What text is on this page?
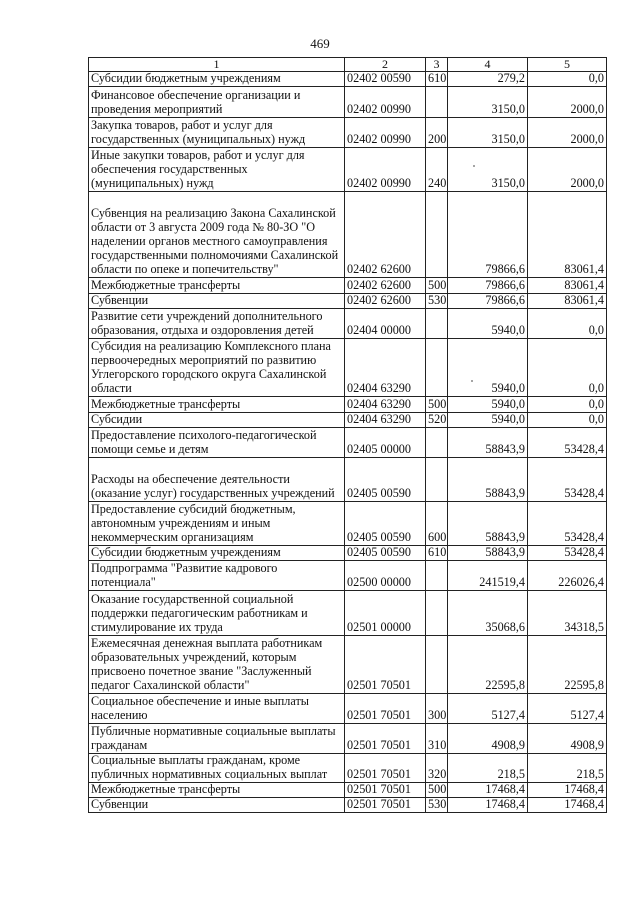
469
1	2	3	4	5
Субсидии бюджетным учреждениям	02402 00590	610	279,2	0,0
Финансовое обеспечение организации и проведения мероприятий	02402 00990		3150,0	2000,0
Закупка товаров, работ и услуг для государственных (муниципальных) нужд	02402 00990	200	3150,0	2000,0
Иные закупки товаров, работ и услуг для обеспечения государственных (муниципальных) нужд	02402 00990	240	3150,0	2000,0
Субвенция на реализацию Закона Сахалинской области от 3 августа 2009 года № 80-ЗО "О наделении органов местного самоуправления государственными полномочиями Сахалинской области по опеке и попечительству"	02402 62600		79866,6	83061,4
Межбюджетные трансферты	02402 62600	500	79866,6	83061,4
Субвенции	02402 62600	530	79866,6	83061,4
Развитие сети учреждений дополнительного образования, отдыха и оздоровления детей	02404 00000		5940,0	0,0
Субсидия на реализацию Комплексного плана первоочередных мероприятий по развитию Углегорского городского округа Сахалинской области	02404 63290		5940,0	0,0
Межбюджетные трансферты	02404 63290	500	5940,0	0,0
Субсидии	02404 63290	520	5940,0	0,0
Предоставление психолого-педагогической помощи семье и детям	02405 00000		58843,9	53428,4
Расходы на обеспечение деятельности (оказание услуг) государственных учреждений	02405 00590		58843,9	53428,4
Предоставление субсидий бюджетным, автономным учреждениям и иным некоммерческим организациям	02405 00590	600	58843,9	53428,4
Субсидии бюджетным учреждениям	02405 00590	610	58843,9	53428,4
Подпрограмма "Развитие кадрового потенциала"	02500 00000		241519,4	226026,4
Оказание государственной социальной поддержки педагогическим работникам и стимулирование их труда	02501 00000		35068,6	34318,5
Ежемесячная денежная выплата работникам образовательных учреждений, которым присвоено почетное звание "Заслуженный педагог Сахалинской области"	02501 70501		22595,8	22595,8
Социальное обеспечение и иные выплаты населению	02501 70501	300	5127,4	5127,4
Публичные нормативные социальные выплаты гражданам	02501 70501	310	4908,9	4908,9
Социальные выплаты гражданам, кроме публичных нормативных социальных выплат	02501 70501	320	218,5	218,5
Межбюджетные трансферты	02501 70501	500	17468,4	17468,4
Субвенции	02501 70501	530	17468,4	17468,4
